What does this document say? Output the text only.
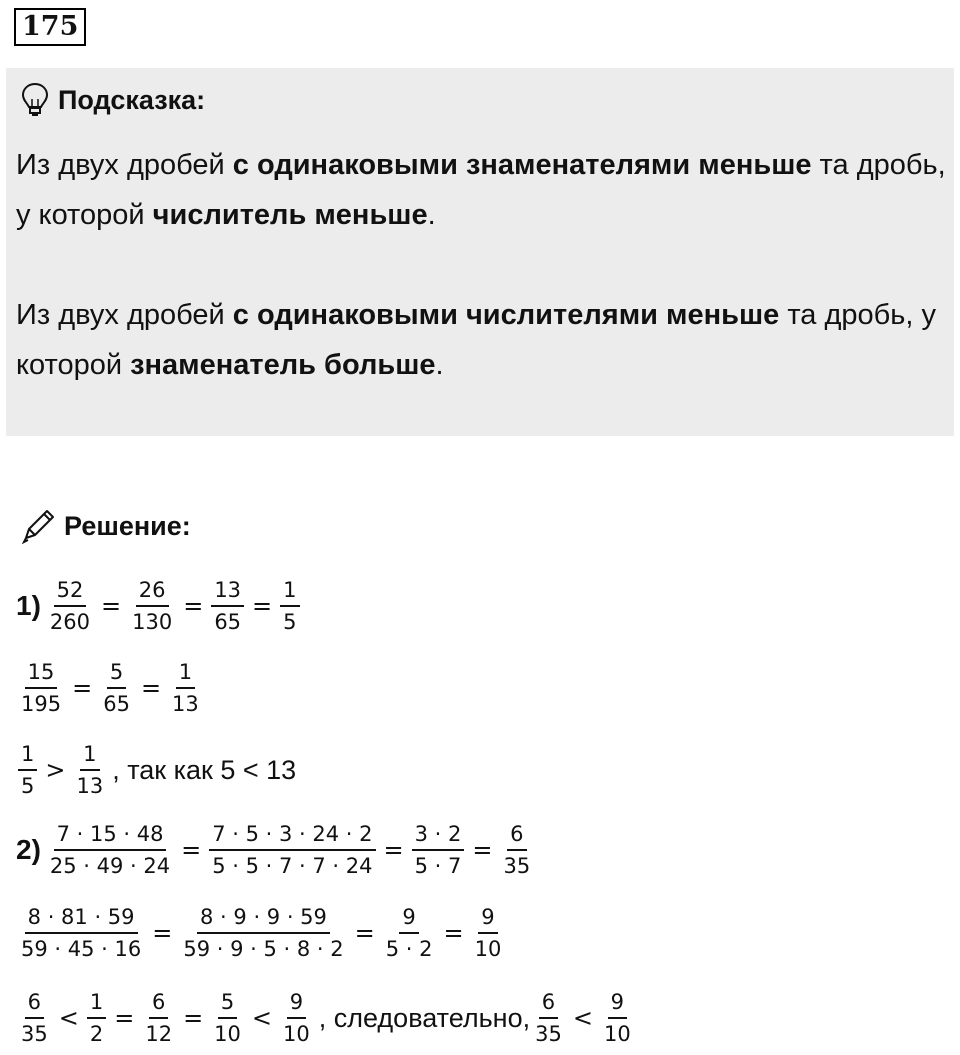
175
Подсказка:

Из двух дробей с одинаковыми знаменателями меньше та дробь, у которой числитель меньше.

Из двух дробей с одинаковыми числителями меньше та дробь, у которой знаменатель больше.

Решение:
$1) \frac{52}{260} = \frac{26}{130} = \frac{13}{65} = \frac{1}{5}$
$\frac{15}{195} = \frac{5}{65} = \frac{1}{13}$
$\frac{1}{5} > \frac{1}{13}$ , так как 5 < 13
$2) \frac{7 \cdot 15 \cdot 48}{25 \cdot 49 \cdot 24} = \frac{7 \cdot 5 \cdot 3 \cdot 24 \cdot 2}{5 \cdot 5 \cdot 7 \cdot 7 \cdot 24} = \frac{3 \cdot 2}{5 \cdot 7} = \frac{6}{35}$
$\frac{8 \cdot 81 \cdot 59}{59 \cdot 45 \cdot 16} = \frac{8 \cdot 9 \cdot 9 \cdot 59}{59 \cdot 9 \cdot 5 \cdot 8 \cdot 2} = \frac{9}{5 \cdot 2} = \frac{9}{10}$
$\frac{6}{35} < \frac{1}{2} = \frac{6}{12} = \frac{5}{10} < \frac{9}{10}$ , следовательно, $\frac{6}{35} < \frac{9}{10}$
